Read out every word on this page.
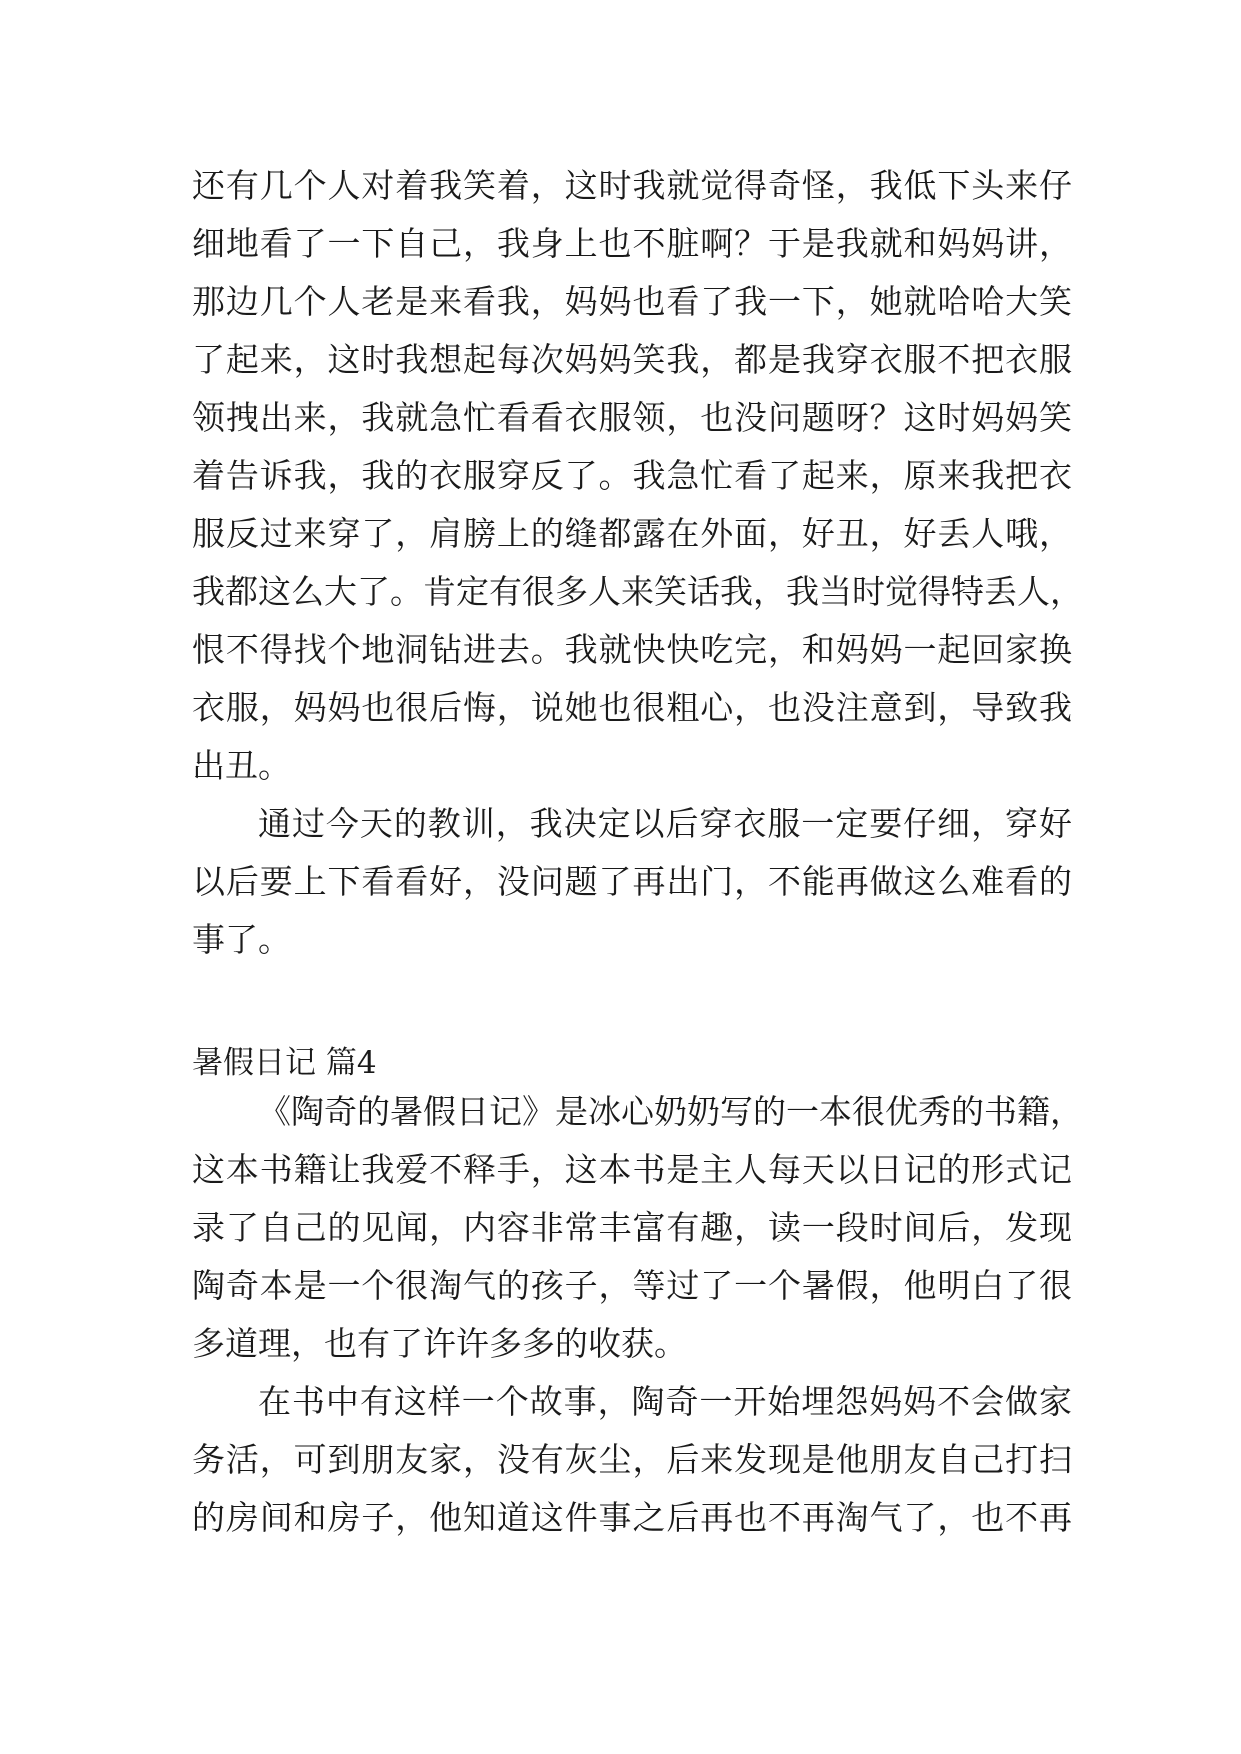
还有几个人对着我笑着，这时我就觉得奇怪，我低下头来仔
细地看了一下自己，我身上也不脏啊？于是我就和妈妈讲，
那边几个人老是来看我，妈妈也看了我一下，她就哈哈大笑
了起来，这时我想起每次妈妈笑我，都是我穿衣服不把衣服
领拽出来，我就急忙看看衣服领，也没问题呀？这时妈妈笑
着告诉我，我的衣服穿反了。我急忙看了起来，原来我把衣
服反过来穿了，肩膀上的缝都露在外面，好丑，好丢人哦，
我都这么大了。肯定有很多人来笑话我，我当时觉得特丢人，
恨不得找个地洞钻进去。我就快快吃完，和妈妈一起回家换
衣服，妈妈也很后悔，说她也很粗心，也没注意到，导致我
出丑。
通过今天的教训，我决定以后穿衣服一定要仔细，穿好
以后要上下看看好，没问题了再出门，不能再做这么难看的
事了。
暑假日记 篇4
《陶奇的暑假日记》是冰心奶奶写的一本很优秀的书籍，
这本书籍让我爱不释手，这本书是主人每天以日记的形式记
录了自己的见闻，内容非常丰富有趣，读一段时间后，发现
陶奇本是一个很淘气的孩子，等过了一个暑假，他明白了很
多道理，也有了许许多多的收获。
在书中有这样一个故事，陶奇一开始埋怨妈妈不会做家
务活，可到朋友家，没有灰尘，后来发现是他朋友自己打扫
的房间和房子，他知道这件事之后再也不再淘气了，也不再
